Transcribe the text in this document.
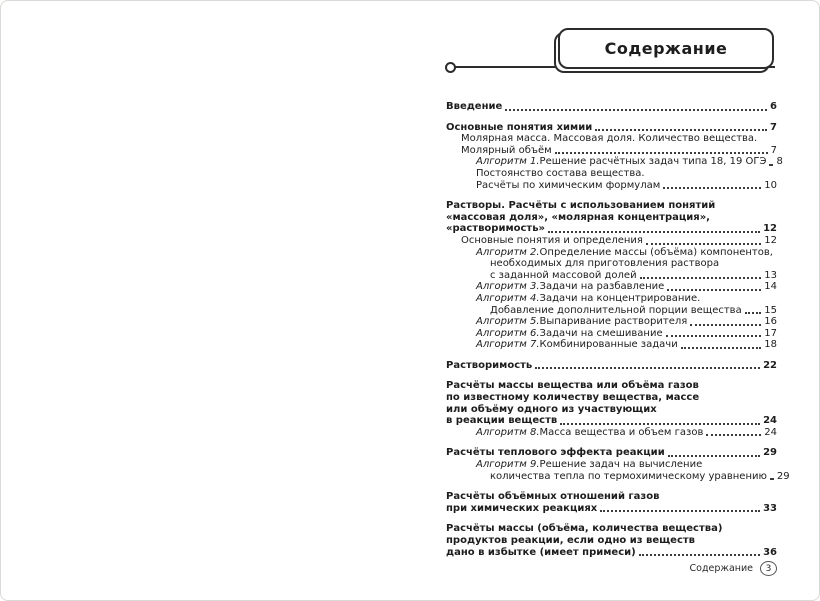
Содержание
Введение	6
Основные понятия химии	7
Молярная масса. Массовая доля. Количество вещества.
Молярный объём	7
Алгоритм 1.Решение расчётных задач типа 18, 19 ОГЭ 8
Постоянство состава вещества.
Расчёты по химическим формулам	10
Растворы. Расчёты с использованием понятий
«массовая доля», «молярная концентрация»,
«растворимость»	12
Основные понятия и определения	12
Алгоритм 2.Определение массы (объёма) компонентов,
необходимых для приготовления раствора
с заданной массовой долей	13
Алгоритм 3.Задачи на разбавление	14
Алгоритм 4.Задачи на концентрирование.
Добавление дополнительной порции вещества 15
Алгоритм 5.Выпаривание растворителя	16
Алгоритм 6.Задачи на смешивание	17
Алгоритм 7.Комбинированные задачи	18
Растворимость	22
Расчёты массы вещества или объёма газов
по известному количеству вещества, массе
или объёму одного из участвующих
в реакции веществ	24
Алгоритм 8.Масса вещества и объем газов	24
Расчёты теплового эффекта реакции	29
Алгоритм 9.Решение задач на вычисление
количества тепла по термохимическому уравнению 29
Расчёты объёмных отношений газов
при химических реакциях	33
Расчёты массы (объёма, количества вещества)
продуктов реакции, если одно из веществ
дано в избытке (имеет примеси)	36
Содержание 3
